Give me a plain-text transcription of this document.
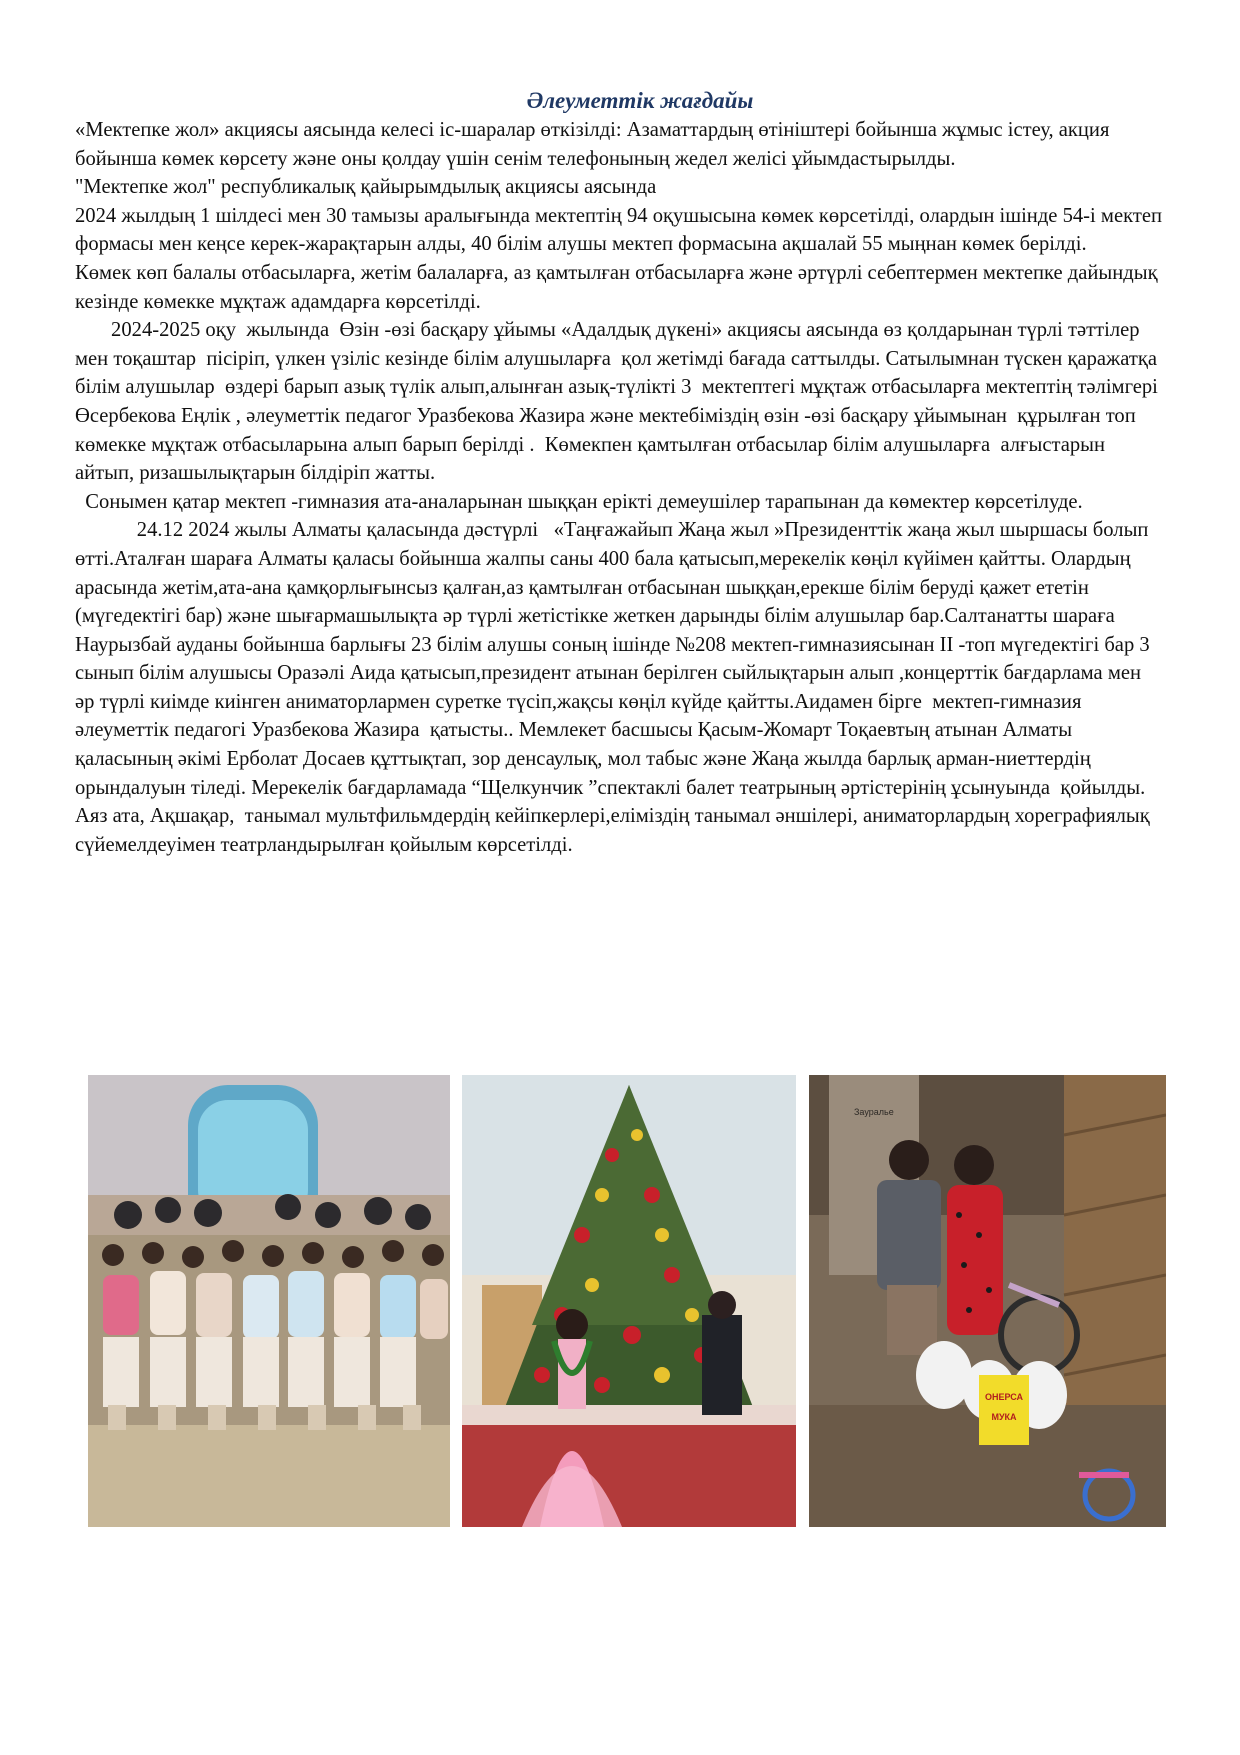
Әлеуметтік жағдайы

«Мектепке жол» акциясы аясында келесі іс-шаралар өткізілді: Азаматтардың өтініштері бойынша жұмыс істеу, акция бойынша көмек көрсету және оны қолдау үшін сенім телефонының жедел желісі ұйымдастырылды.

"Мектепке жол" республикалық қайырымдылық акциясы аясында

2024 жылдың 1 шілдесі мен 30 тамызы аралығында мектептің 94 оқушысына көмек көрсетілді, олардын ішінде 54-і мектеп формасы мен кеңсе керек-жарақтарын алды, 40 білім алушы мектеп формасына ақшалай 55 мыңнан көмек берілді.

Көмек көп балалы отбасыларға, жетім балаларға, аз қамтылған отбасыларға және әртүрлі себептермен мектепке дайындық кезінде көмекке мұқтаж адамдарға көрсетілді.

2024-2025 оқу  жылында  Өзін -өзі басқару ұйымы «Адалдық дүкені» акциясы аясында өз қолдарынан түрлі тәттілер мен тоқаштар  пісіріп, үлкен үзіліс кезінде білім алушыларға  қол жетімді бағада саттылды. Сатылымнан түскен қаражатқа білім алушылар  өздері барып азық түлік алып,алынған азық-түлікті 3  мектептегі мұқтаж отбасыларға мектептің тәлімгері Өсербекова Еңлік , әлеуметтік педагог Уразбекова Жазира және мектебіміздің өзін -өзі басқару ұйымынан  құрылған топ көмекке мұқтаж отбасыларына алып барып берілді .  Көмекпен қамтылған отбасылар білім алушыларға  алғыстарын айтып, ризашылықтарын білдіріп жатты.

Сонымен қатар мектеп -гимназия ата-аналарынан шыққан ерікті демеушілер тарапынан да көмектер көрсетілуде.

24.12 2024 жылы Алматы қаласында дәстүрлі   «Таңғажайып Жаңа жыл »Президенттік жаңа жыл шыршасы болып өтті.Аталған шараға Алматы қаласы бойынша жалпы саны 400 бала қатысып,мерекелік көңіл күйімен қайтты. Олардың арасында жетім,ата-ана қамқорлығынсыз қалған,аз қамтылған отбасынан шыққан,ерекше білім беруді қажет ететін (мүгедектігі бар) және шығармашылықта әр түрлі жетістікке жеткен дарынды білім алушылар бар.Салтанатты шараға  Наурызбай ауданы бойынша барлығы 23 білім алушы соның ішінде №208 мектеп-гимназиясынан ІІ -топ мүгедектігі бар 3 сынып білім алушысы Оразәлі Аида қатысып,президент атынан берілген сыйлықтарын алып ,концерттік бағдарлама мен әр түрлі киімде киінген аниматорлармен суретке түсіп,жақсы көңіл күйде қайтты.Аидамен бірге  мектеп-гимназия  әлеуметтік педагогі Уразбекова Жазира  қатысты.. Мемлекет басшысы Қасым-Жомарт Тоқаевтың атынан Алматы қаласының әкімі Ерболат Досаев құттықтап, зор денсаулық, мол табыс және Жаңа жылда барлық арман-ниеттердің орындалуын тіледі. Мерекелік бағдарламада “Щелкунчик ”спектаклі балет театрының әртістерінің ұсынуында  қойылды. Аяз ата, Ақшақар,  танымал мультфильмдердің кейіпкерлері,еліміздің танымал әншілері, аниматорлардың хореграфиялық сүйемелдеуімен театрландырылған қойылым көрсетілді.

Зауралье
ОНЕРСА
МУКА
